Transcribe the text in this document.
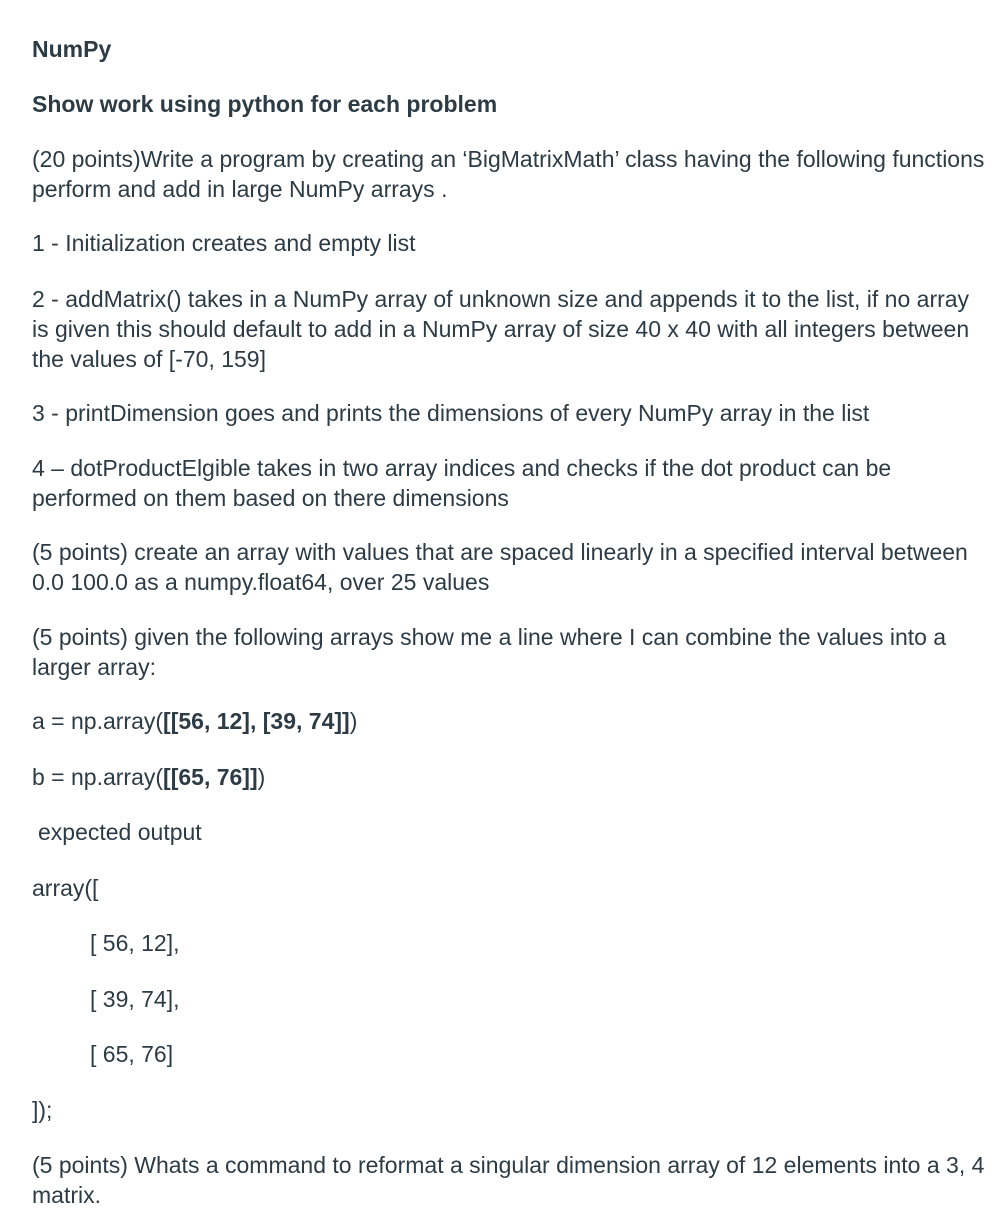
NumPy
Show work using python for each problem
(20 points)Write a program by creating an ‘BigMatrixMath’ class having the following functions perform and add in large NumPy arrays .
1 - Initialization creates and empty list
2 - addMatrix() takes in a NumPy array of unknown size and appends it to the list, if no array is given this should default to add in a NumPy array of size 40 x 40 with all integers between the values of [-70, 159]
3 - printDimension goes and prints the dimensions of every NumPy array in the list
4 – dotProductElgible takes in two array indices and checks if the dot product can be performed on them based on there dimensions
(5 points) create an array with values that are spaced linearly in a specified interval between 0.0 100.0 as a numpy.float64, over 25 values
(5 points) given the following arrays show me a line where I can combine the values into a larger array:
a = np.array([[56, 12], [39, 74]])
b = np.array([[65, 76]])
expected output
array([
[ 56, 12],
[ 39, 74],
[ 65, 76]
]);
(5 points) Whats a command to reformat a singular dimension array of 12 elements into a 3, 4 matrix.
